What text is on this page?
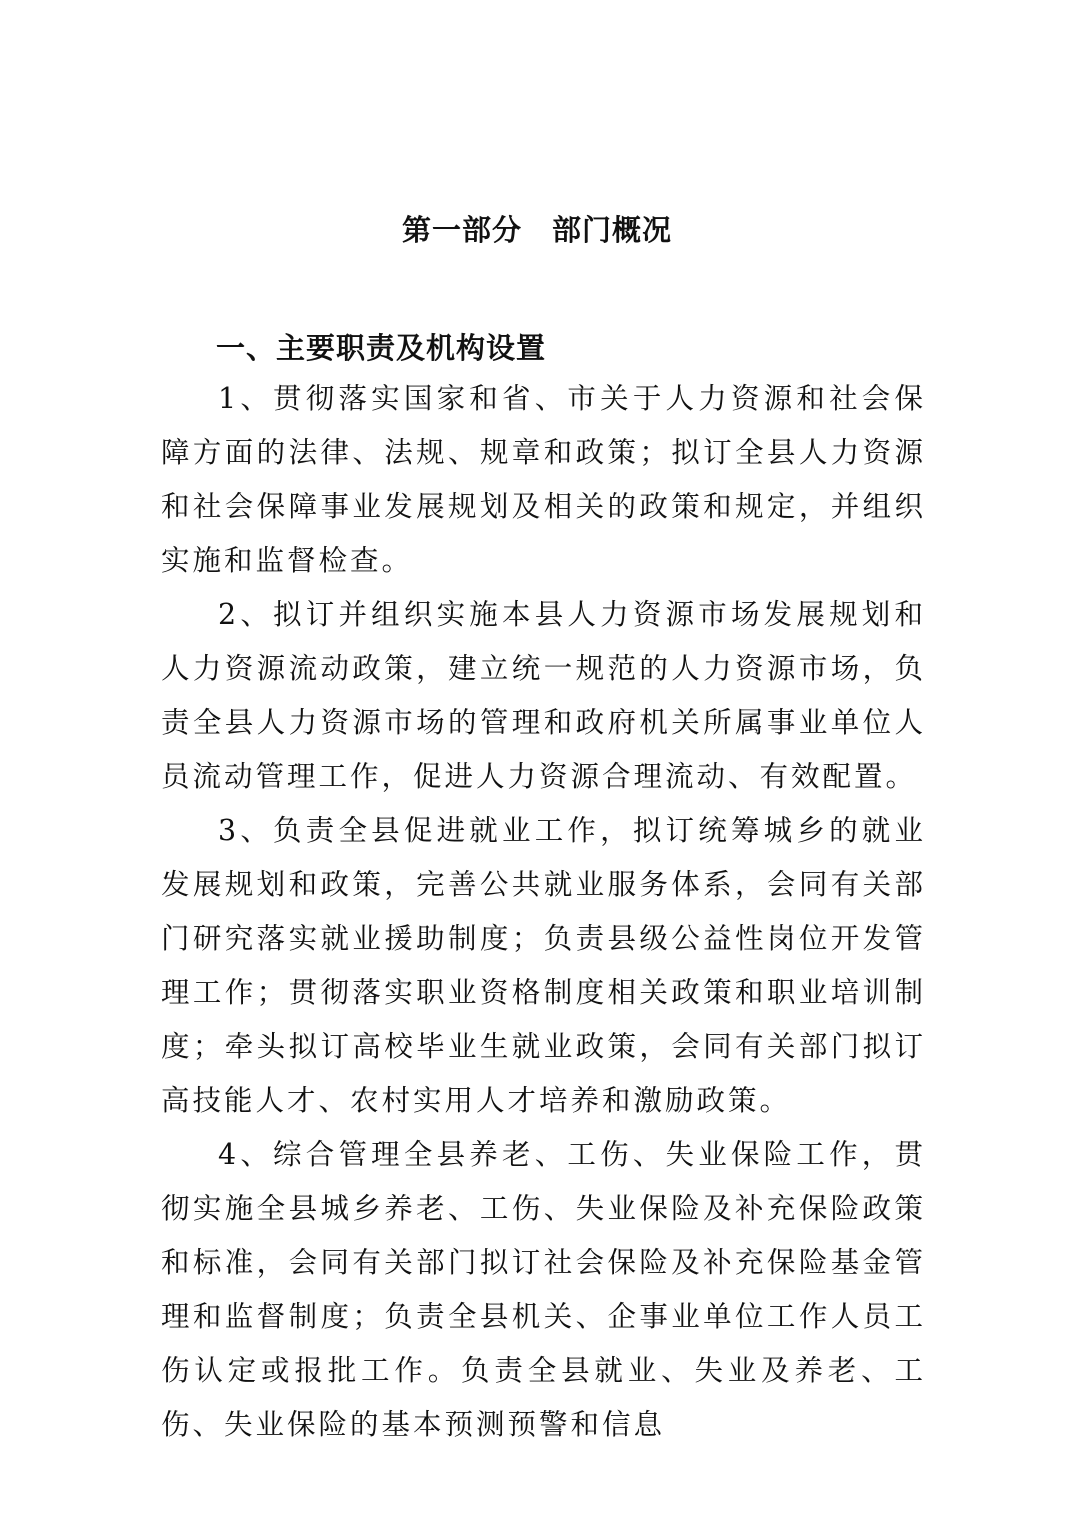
第一部分 部门概况
一、主要职责及机构设置

1、贯彻落实国家和省、市关于人力资源和社会保障方面的法律、法规、规章和政策；拟订全县人力资源和社会保障事业发展规划及相关的政策和规定，并组织实施和监督检查。

2、拟订并组织实施本县人力资源市场发展规划和人力资源流动政策，建立统一规范的人力资源市场，负责全县人力资源市场的管理和政府机关所属事业单位人员流动管理工作，促进人力资源合理流动、有效配置。

3、负责全县促进就业工作，拟订统筹城乡的就业发展规划和政策，完善公共就业服务体系，会同有关部门研究落实就业援助制度；负责县级公益性岗位开发管理工作；贯彻落实职业资格制度相关政策和职业培训制度；牵头拟订高校毕业生就业政策，会同有关部门拟订高技能人才、农村实用人才培养和激励政策。

4、综合管理全县养老、工伤、失业保险工作，贯彻实施全县城乡养老、工伤、失业保险及补充保险政策和标准，会同有关部门拟订社会保险及补充保险基金管理和监督制度；负责全县机关、企事业单位工作人员工伤认定或报批工作。负责全县就业、失业及养老、工伤、失业保险的基本预测预警和信息
